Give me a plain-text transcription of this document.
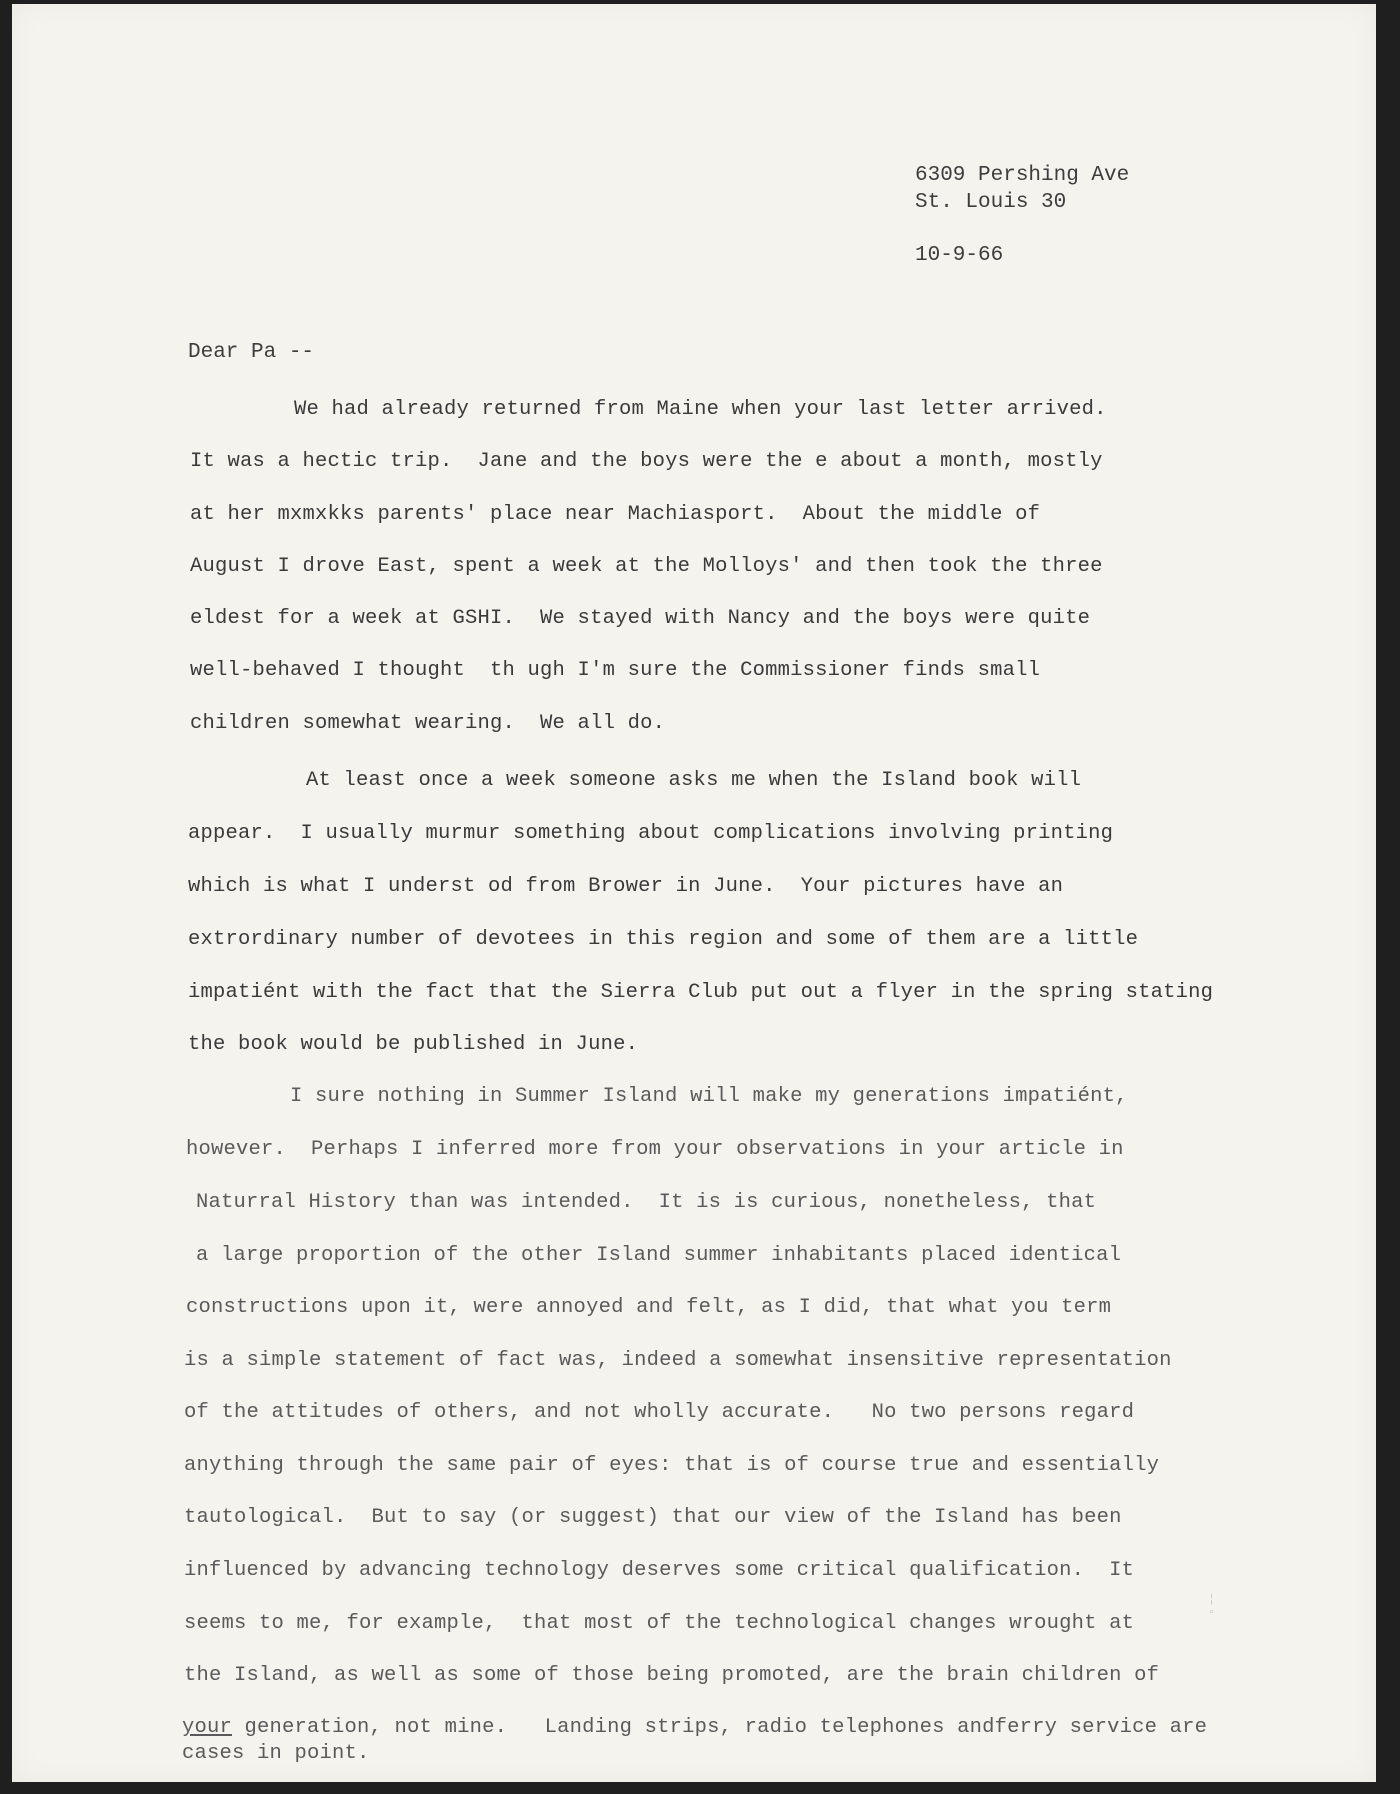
6309 Pershing Ave
St. Louis 30
10-9-66
Dear Pa --
We had already returned from Maine when your last letter arrived.
It was a hectic trip.  Jane and the boys were the e about a month, mostly
at her mxmxkks parents' place near Machiasport.  About the middle of
August I drove East, spent a week at the Molloys' and then took the three
eldest for a week at GSHI.  We stayed with Nancy and the boys were quite
well-behaved I thought  th ugh I'm sure the Commissioner finds small
children somewhat wearing.  We all do.
At least once a week someone asks me when the Island book will
appear.  I usually murmur something about complications involving printing
which is what I underst od from Brower in June.  Your pictures have an
extrordinary number of devotees in this region and some of them are a little
impatiént with the fact that the Sierra Club put out a flyer in the spring stating
the book would be published in June.
I sure nothing in Summer Island will make my generations impatiént,
however.  Perhaps I inferred more from your observations in your article in
Naturral History than was intended.  It is is curious, nonetheless, that
a large proportion of the other Island summer inhabitants placed identical
constructions upon it, were annoyed and felt, as I did, that what you term
is a simple statement of fact was, indeed a somewhat insensitive representation
of the attitudes of others, and not wholly accurate.   No two persons regard
anything through the same pair of eyes: that is of course true and essentially
tautological.  But to say (or suggest) that our view of the Island has been
influenced by advancing technology deserves some critical qualification.  It
seems to me, for example,  that most of the technological changes wrought at
the Island, as well as some of those being promoted, are the brain children of
your generation, not mine.   Landing strips, radio telephones andferry service are
cases in point.
╎
▫
